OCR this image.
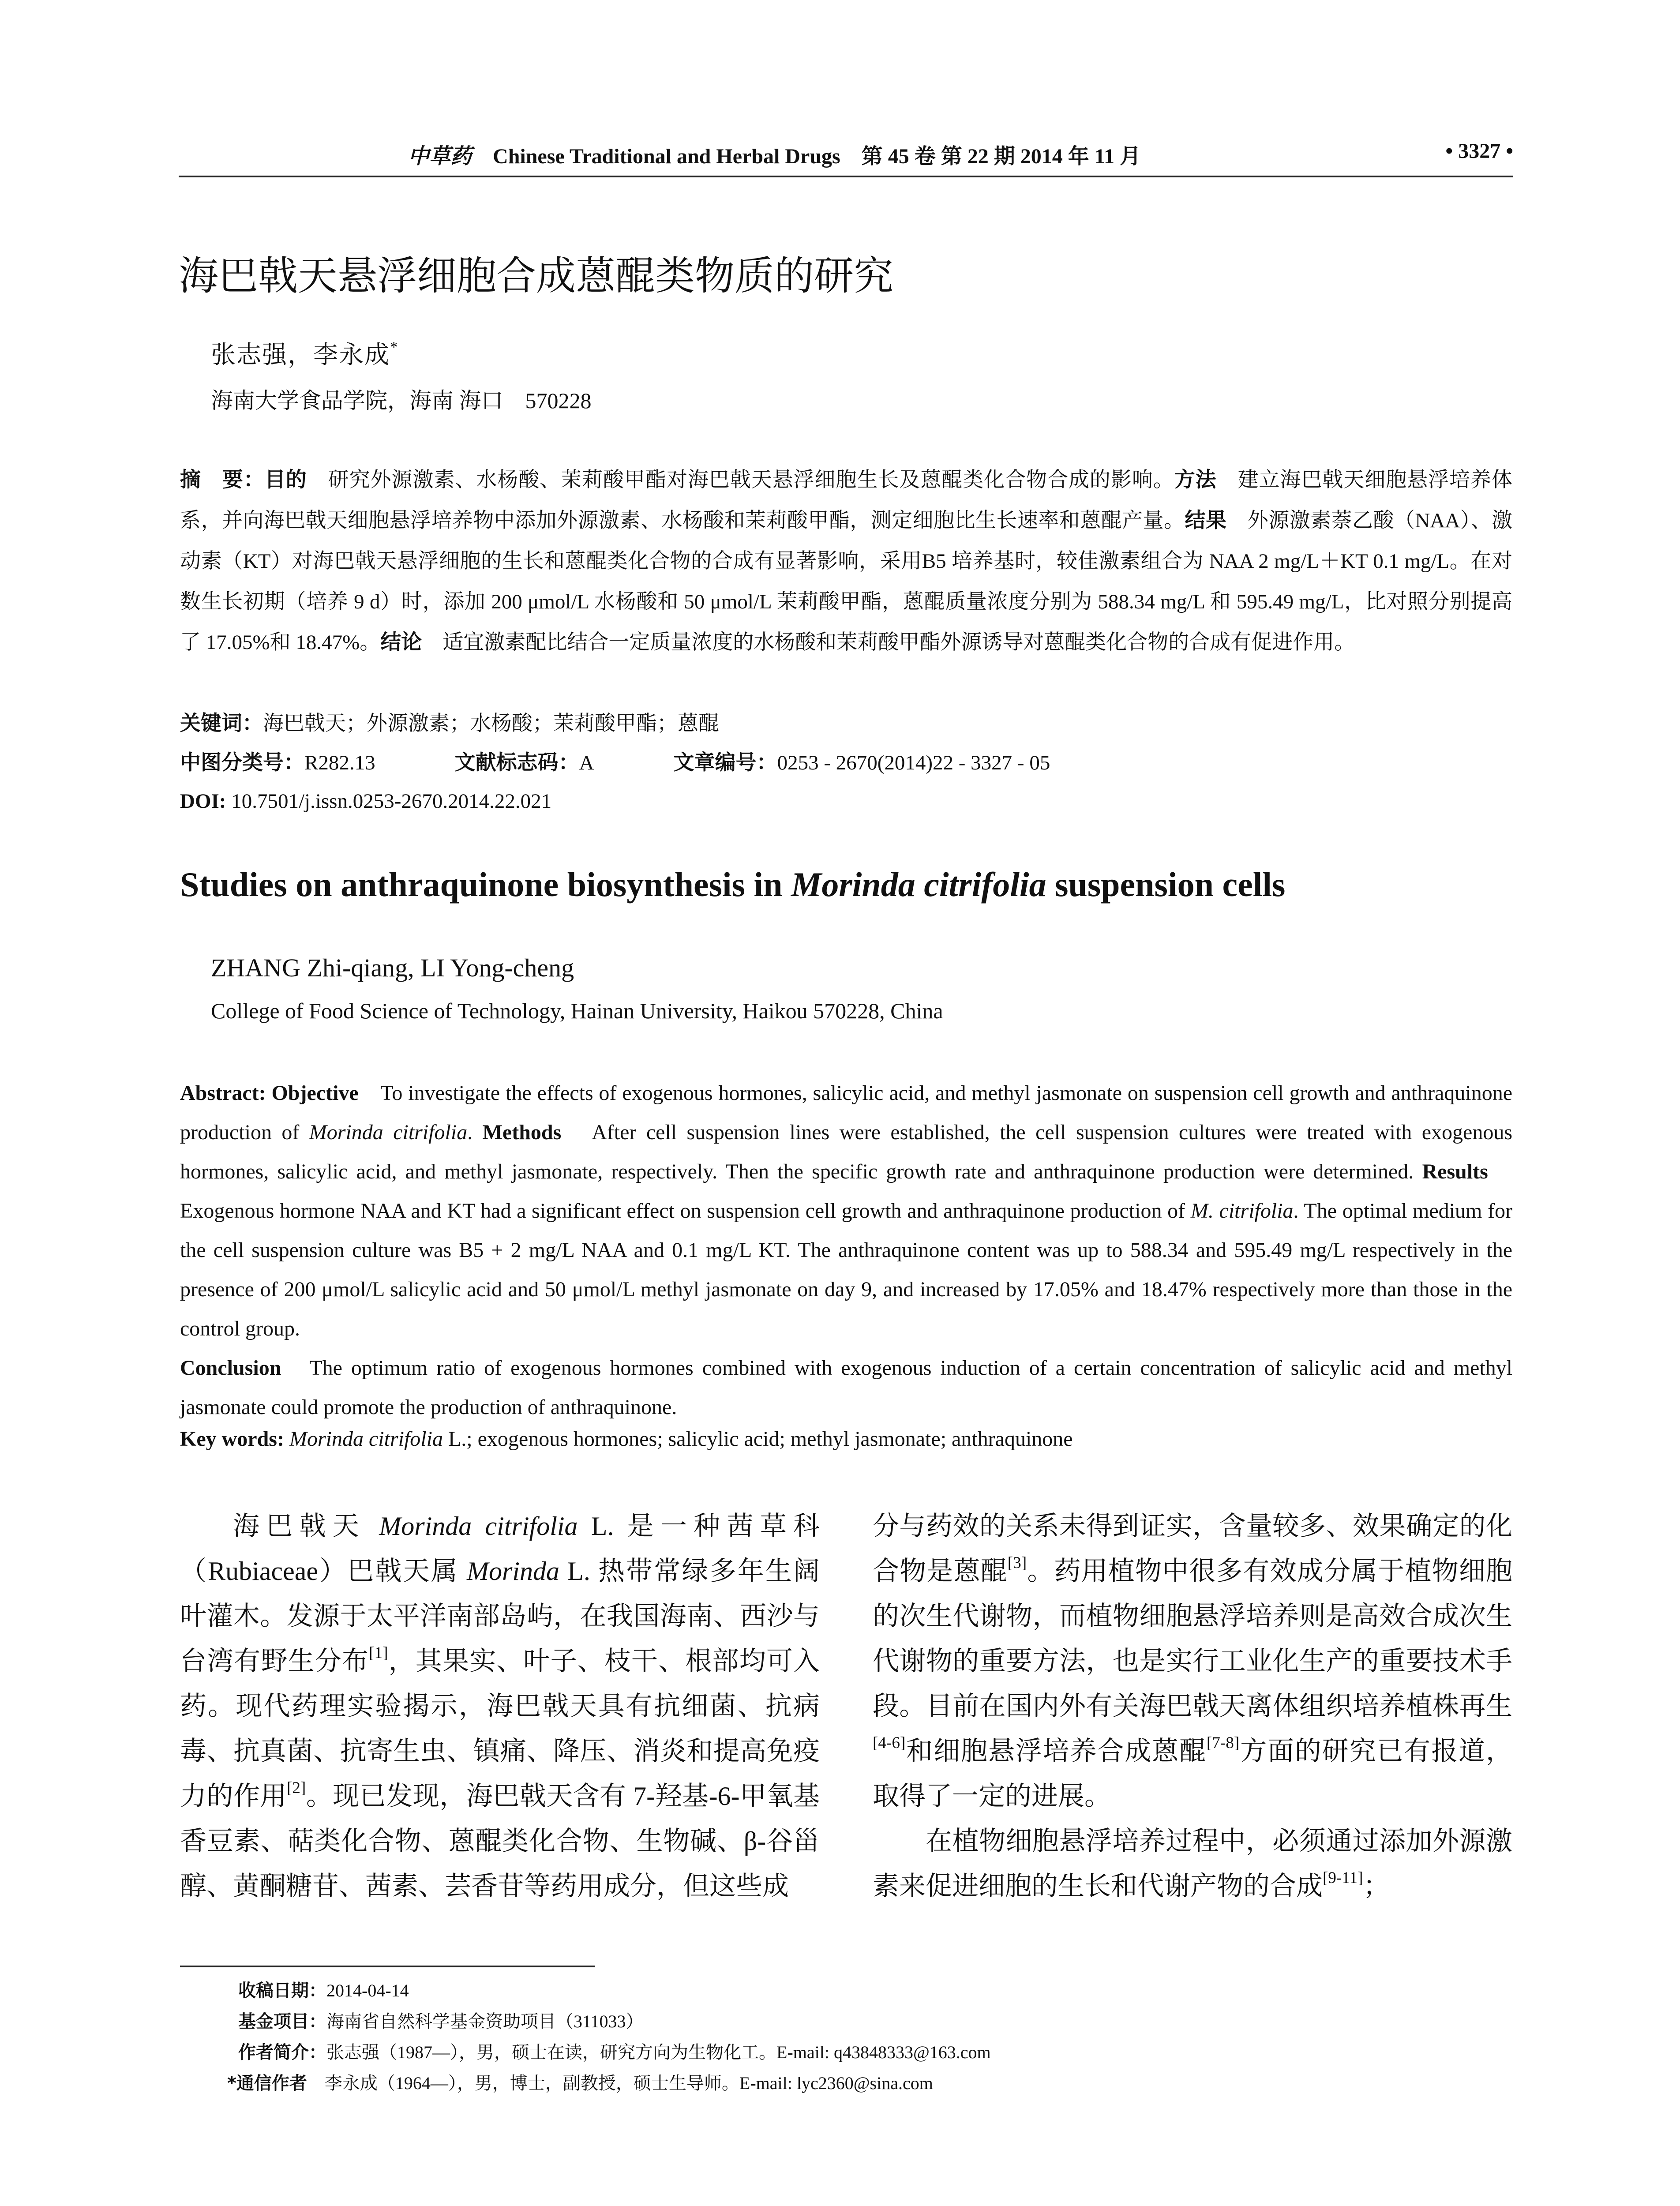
中草药　 Chinese Traditional and Herbal Drugs　第 45 卷 第 22 期 2014 年 11 月	• 3327 •
海巴戟天悬浮细胞合成蒽醌类物质的研究
张志强，李永成*
海南大学食品学院，海南 海口　570228
摘　要：目的　研究外源激素、水杨酸、茉莉酸甲酯对海巴戟天悬浮细胞生长及蒽醌类化合物合成的影响。方法　建立海巴戟天细胞悬浮培养体系，并向海巴戟天细胞悬浮培养物中添加外源激素、水杨酸和茉莉酸甲酯，测定细胞比生长速率和蒽醌产量。结果　外源激素萘乙酸（NAA）、激动素（KT）对海巴戟天悬浮细胞的生长和蒽醌类化合物的合成有显著影响，采用B5 培养基时，较佳激素组合为 NAA 2 mg/L＋KT 0.1 mg/L。在对数生长初期（培养 9 d）时，添加 200 μmol/L 水杨酸和 50 μmol/L 茉莉酸甲酯，蒽醌质量浓度分别为 588.34 mg/L 和 595.49 mg/L，比对照分别提高了 17.05%和 18.47%。结论　适宜激素配比结合一定质量浓度的水杨酸和茉莉酸甲酯外源诱导对蒽醌类化合物的合成有促进作用。
关键词：海巴戟天；外源激素；水杨酸；茉莉酸甲酯；蒽醌
中图分类号：R282.13	文献标志码：A	文章编号：0253 - 2670(2014)22 - 3327 - 05
DOI: 10.7501/j.issn.0253-2670.2014.22.021
Studies on anthraquinone biosynthesis in Morinda citrifolia suspension cells
ZHANG Zhi-qiang, LI Yong-cheng
College of Food Science of Technology, Hainan University, Haikou 570228, China
Abstract: Objective　To investigate the effects of exogenous hormones, salicylic acid, and methyl jasmonate on suspension cell growth and anthraquinone production of Morinda citrifolia. Methods　After cell suspension lines were established, the cell suspension cultures were treated with exogenous hormones, salicylic acid, and methyl jasmonate, respectively. Then the specific growth rate and anthraquinone production were determined. Results　Exogenous hormone NAA and KT had a significant effect on suspension cell growth and anthraquinone production of M. citrifolia. The optimal medium for the cell suspension culture was B5 + 2 mg/L NAA and 0.1 mg/L KT. The anthraquinone content was up to 588.34 and 595.49 mg/L respectively in the presence of 200 μmol/L salicylic acid and 50 μmol/L methyl jasmonate on day 9, and increased by 17.05% and 18.47% respectively more than those in the control group.
Conclusion　The optimum ratio of exogenous hormones combined with exogenous induction of a certain concentration of salicylic acid and methyl jasmonate could promote the production of anthraquinone.
Key words: Morinda citrifolia L.; exogenous hormones; salicylic acid; methyl jasmonate; anthraquinone

海巴戟天 Morinda citrifolia L. 是一种茜草科（Rubiaceae）巴戟天属 Morinda L. 热带常绿多年生阔叶灌木。发源于太平洋南部岛屿，在我国海南、西沙与台湾有野生分布[1]，其果实、叶子、枝干、根部均可入药。现代药理实验揭示，海巴戟天具有抗细菌、抗病毒、抗真菌、抗寄生虫、镇痛、降压、消炎和提高免疫力的作用[2]。现已发现，海巴戟天含有 7-羟基-6-甲氧基香豆素、萜类化合物、蒽醌类化合物、生物碱、β-谷甾醇、黄酮糖苷、茜素、芸香苷等药用成分，但这些成

分与药效的关系未得到证实，含量较多、效果确定的化合物是蒽醌[3]。药用植物中很多有效成分属于植物细胞的次生代谢物，而植物细胞悬浮培养则是高效合成次生代谢物的重要方法，也是实行工业化生产的重要技术手段。目前在国内外有关海巴戟天离体组织培养植株再生[4-6]和细胞悬浮培养合成蒽醌[7-8]方面的研究已有报道，取得了一定的进展。

在植物细胞悬浮培养过程中，必须通过添加外源激素来促进细胞的生长和代谢产物的合成[9-11]；

收稿日期：2014-04-14
基金项目：海南省自然科学基金资助项目（311033）
作者简介：张志强（1987—），男，硕士在读，研究方向为生物化工。E-mail: q43848333@163.com
*通信作者　李永成（1964—），男，博士，副教授，硕士生导师。E-mail: lyc2360@sina.com
